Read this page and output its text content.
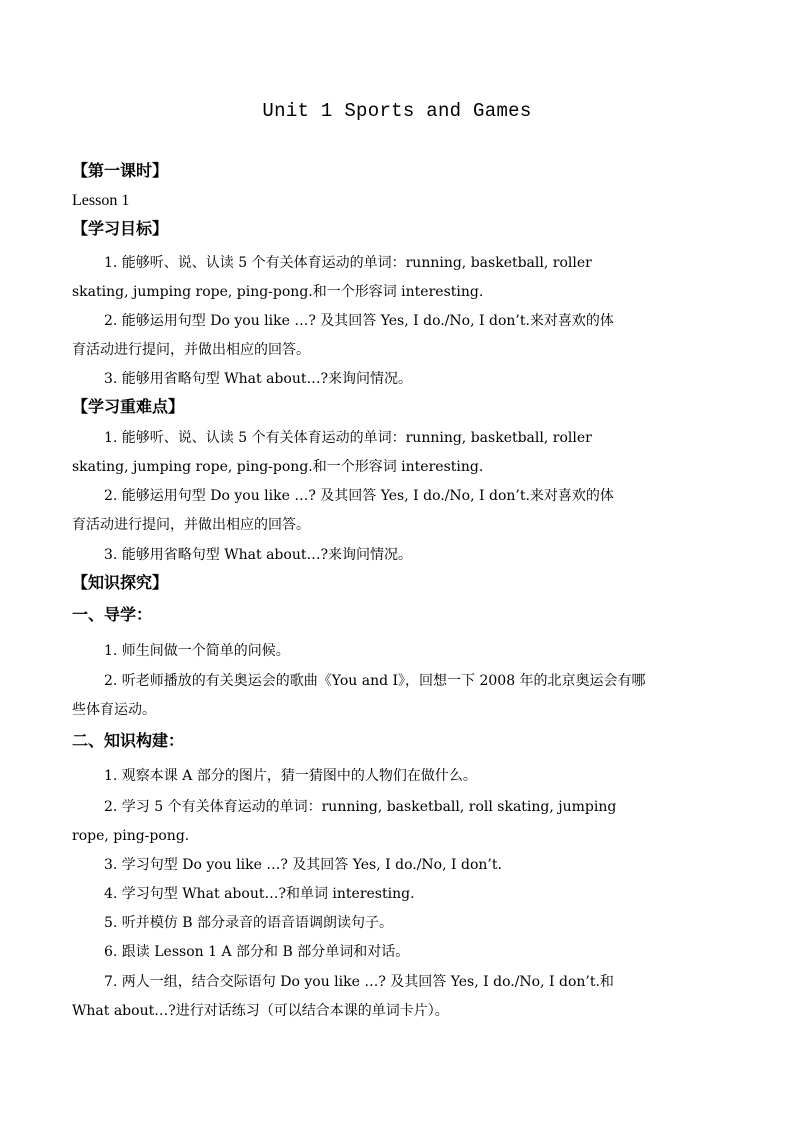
Unit 1 Sports and Games
【第一课时】
Lesson 1
【学习目标】
1. 能够听、说、认读 5 个有关体育运动的单词：running, basketball, roller
skating, jumping rope, ping-pong.和一个形容词 interesting.
2. 能够运用句型 Do you like …? 及其回答 Yes, I do./No, I don’t.来对喜欢的体
育活动进行提问，并做出相应的回答。
3. 能够用省略句型 What about…?来询问情况。
【学习重难点】
1. 能够听、说、认读 5 个有关体育运动的单词：running, basketball, roller
skating, jumping rope, ping-pong.和一个形容词 interesting.
2. 能够运用句型 Do you like …? 及其回答 Yes, I do./No, I don’t.来对喜欢的体
育活动进行提问，并做出相应的回答。
3. 能够用省略句型 What about…?来询问情况。
【知识探究】
一、导学：
1. 师生间做一个简单的问候。
2. 听老师播放的有关奥运会的歌曲《You and I》，回想一下 2008 年的北京奥运会有哪
些体育运动。
二、知识构建：
1. 观察本课 A 部分的图片，猜一猜图中的人物们在做什么。
2. 学习 5 个有关体育运动的单词：running, basketball, roll skating, jumping
rope, ping-pong.
3. 学习句型 Do you like …? 及其回答 Yes, I do./No, I don’t.
4. 学习句型 What about…?和单词 interesting.
5. 听并模仿 B 部分录音的语音语调朗读句子。
6. 跟读 Lesson 1 A 部分和 B 部分单词和对话。
7. 两人一组，结合交际语句 Do you like …? 及其回答 Yes, I do./No, I don’t.和
What about…?进行对话练习（可以结合本课的单词卡片）。
